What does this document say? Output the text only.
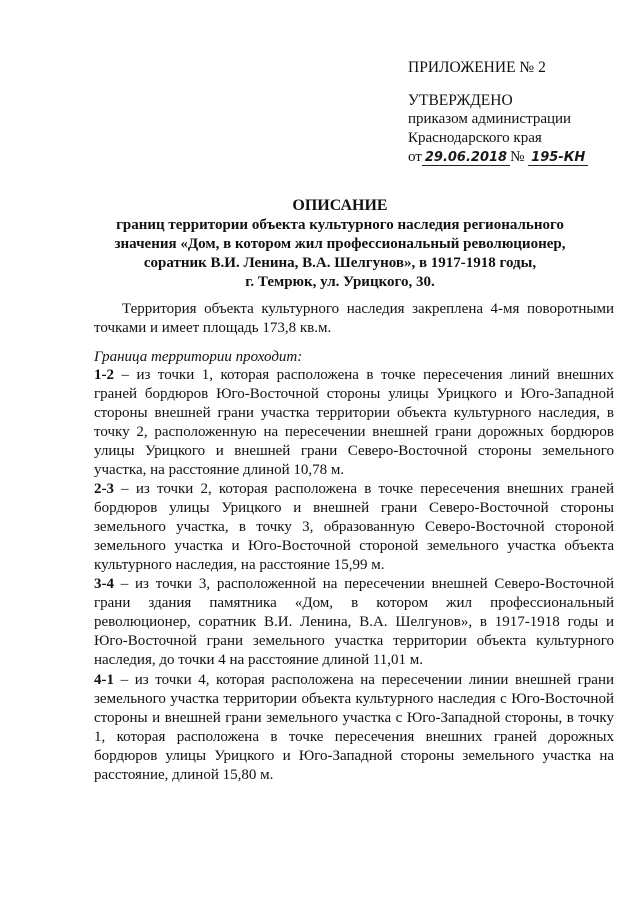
ПРИЛОЖЕНИЕ № 2
УТВЕРЖДЕНО
приказом администрации
Краснодарского края
от 29.06.2018 № 195-КН
ОПИСАНИЕ
границ территории объекта культурного наследия регионального
значения «Дом, в котором жил профессиональный революционер,
соратник В.И. Ленина, В.А. Шелгунов», в 1917-1918 годы,
г. Темрюк, ул. Урицкого, 30.

Территория объекта культурного наследия закреплена 4-мя поворотными точками и имеет площадь 173,8 кв.м.

Граница территории проходит:

1-2 – из точки 1, которая расположена в точке пересечения линий внешних граней бордюров Юго-Восточной стороны улицы Урицкого и Юго-Западной стороны внешней грани участка территории объекта культурного наследия, в точку 2, расположенную на пересечении внешней грани дорожных бордюров улицы Урицкого и внешней грани Северо-Восточной стороны земельного участка, на расстояние длиной 10,78 м.

2-3 – из точки 2, которая расположена в точке пересечения внешних граней бордюров улицы Урицкого и внешней грани Северо-Восточной стороны земельного участка, в точку 3, образованную Северо-Восточной стороной земельного участка и Юго-Восточной стороной земельного участка объекта культурного наследия, на расстояние 15,99 м.

3-4 – из точки 3, расположенной на пересечении внешней Северо-Восточной грани здания памятника «Дом, в котором жил профессиональный революционер, соратник В.И. Ленина, В.А. Шелгунов», в 1917-1918 годы и Юго-Восточной грани земельного участка территории объекта культурного наследия, до точки 4 на расстояние длиной 11,01 м.

4-1 – из точки 4, которая расположена на пересечении линии внешней грани земельного участка территории объекта культурного наследия с Юго-Восточной стороны и внешней грани земельного участка с Юго-Западной стороны, в точку 1, которая расположена в точке пересечения внешних граней дорожных бордюров улицы Урицкого и Юго-Западной стороны земельного участка на расстояние, длиной 15,80 м.
